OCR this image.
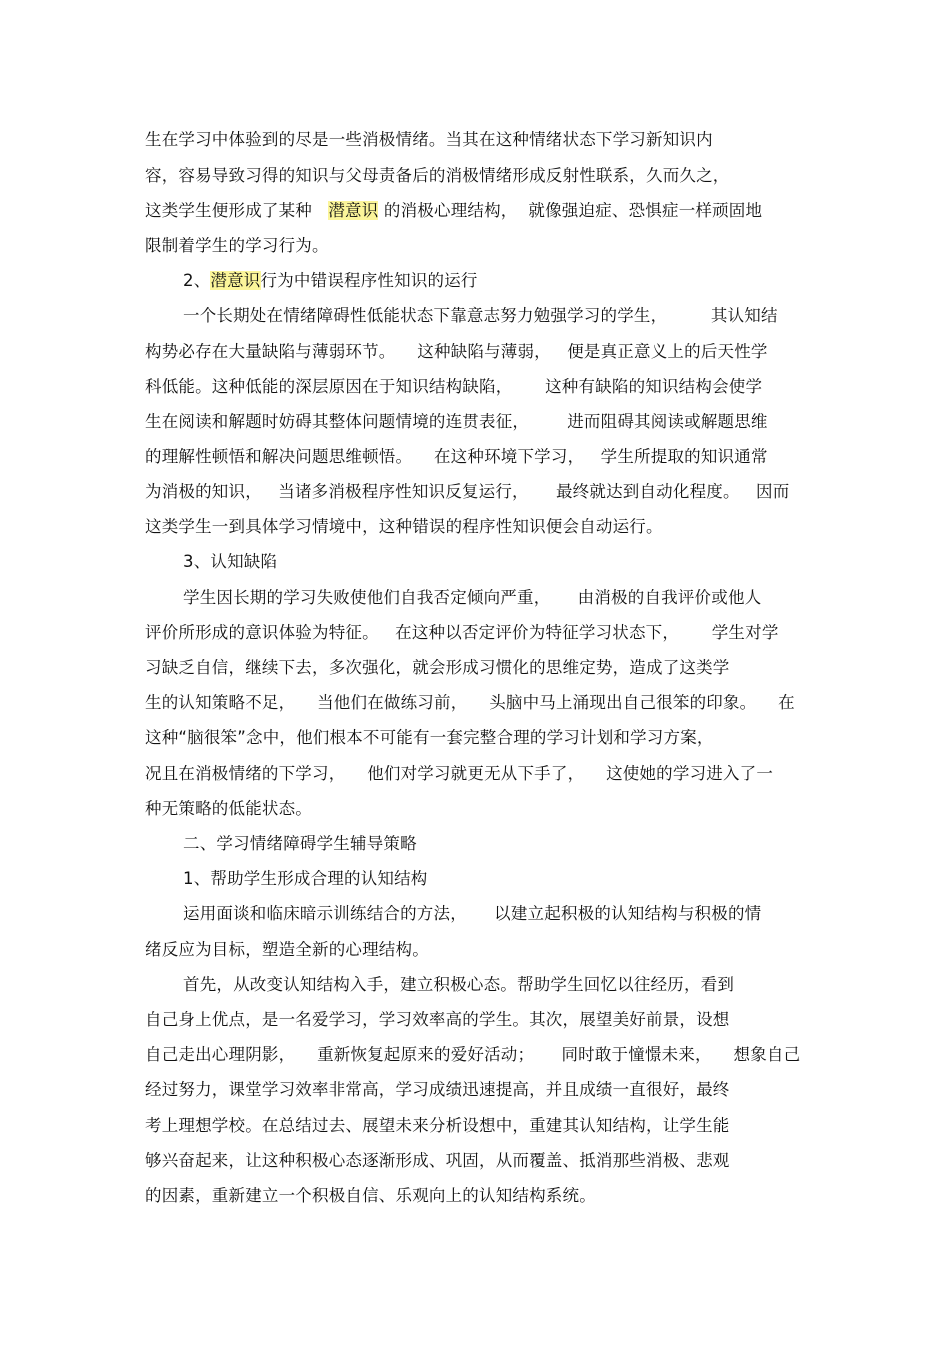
生在学习中体验到的尽是一些消极情绪。当其在这种情绪状态下学习新知识内
容，容易导致习得的知识与父母责备后的消极情绪形成反射性联系，久而久之，
这类学生便形成了某种 潜意识 的消极心理结构， 就像强迫症、恐惧症一样顽固地
限制着学生的学习行为。
2、潜意识行为中错误程序性知识的运行
一个长期处在情绪障碍性低能状态下靠意志努力勉强学习的学生，	其认知结
构势必存在大量缺陷与薄弱环节。 这种缺陷与薄弱， 便是真正意义上的后天性学
科低能。这种低能的深层原因在于知识结构缺陷， 这种有缺陷的知识结构会使学
生在阅读和解题时妨碍其整体问题情境的连贯表征， 进而阻碍其阅读或解题思维
的理解性顿悟和解决问题思维顿悟。 在这种环境下学习， 学生所提取的知识通常
为消极的知识， 当诸多消极程序性知识反复运行， 最终就达到自动化程度。 因而
这类学生一到具体学习情境中，这种错误的程序性知识便会自动运行。
3、认知缺陷
学生因长期的学习失败使他们自我否定倾向严重， 由消极的自我评价或他人
评价所形成的意识体验为特征。 在这种以否定评价为特征学习状态下， 学生对学
习缺乏自信，继续下去，多次强化，就会形成习惯化的思维定势，造成了这类学
生的认知策略不足， 当他们在做练习前， 头脑中马上涌现出自己很笨的印象。 在
这种“脑很笨”念中，他们根本不可能有一套完整合理的学习计划和学习方案，
况且在消极情绪的下学习， 他们对学习就更无从下手了， 这使她的学习进入了一
种无策略的低能状态。
二、学习情绪障碍学生辅导策略
1、帮助学生形成合理的认知结构
运用面谈和临床暗示训练结合的方法， 以建立起积极的认知结构与积极的情
绪反应为目标，塑造全新的心理结构。
首先，从改变认知结构入手，建立积极心态。帮助学生回忆以往经历，看到
自己身上优点，是一名爱学习，学习效率高的学生。其次，展望美好前景，设想
自己走出心理阴影， 重新恢复起原来的爱好活动； 同时敢于憧憬未来， 想象自己
经过努力，课堂学习效率非常高，学习成绩迅速提高，并且成绩一直很好，最终
考上理想学校。在总结过去、展望未来分析设想中，重建其认知结构，让学生能
够兴奋起来，让这种积极心态逐渐形成、巩固，从而覆盖、抵消那些消极、悲观
的因素，重新建立一个积极自信、乐观向上的认知结构系统。
